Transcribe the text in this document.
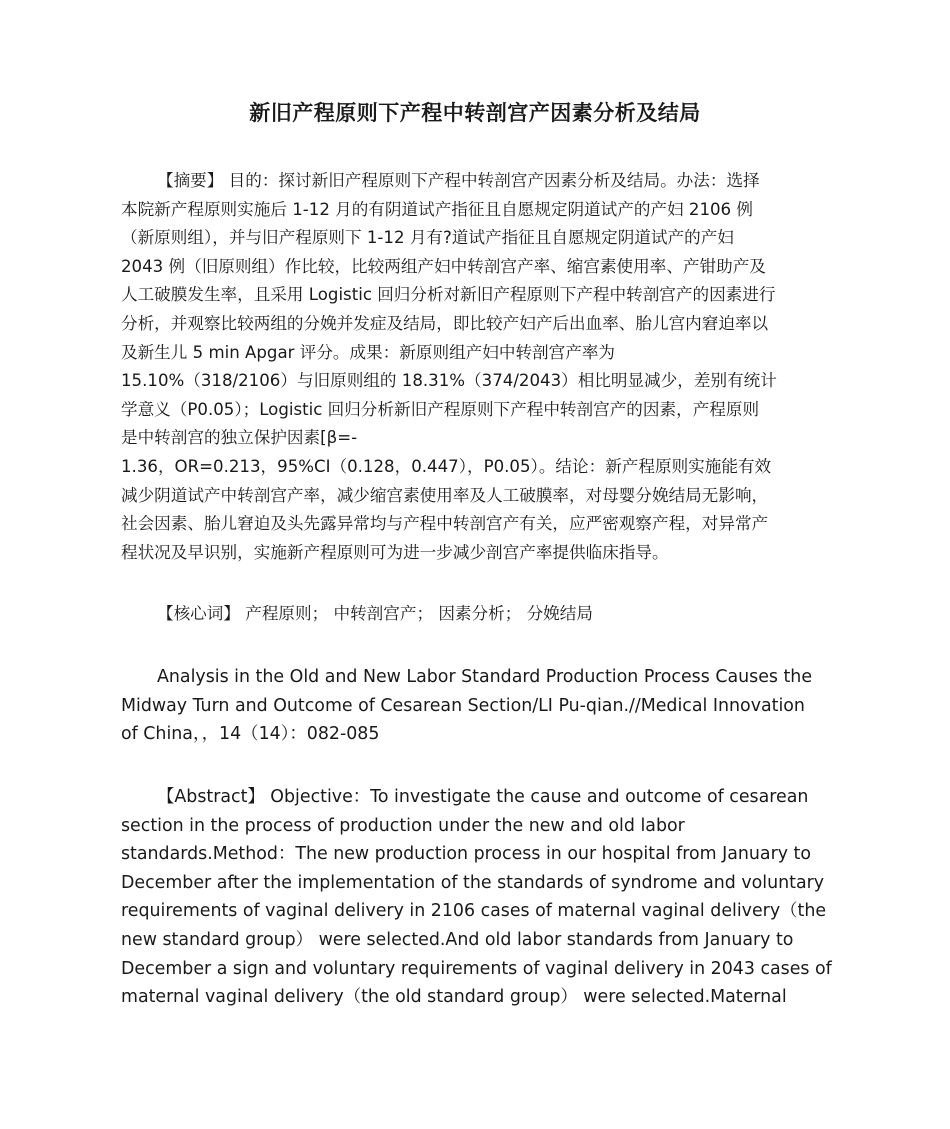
新旧产程原则下产程中转剖宫产因素分析及结局
【摘要】 目的：探讨新旧产程原则下产程中转剖宫产因素分析及结局。办法：选择
本院新产程原则实施后 1-12 月的有阴道试产指征且自愿规定阴道试产的产妇 2106 例
（新原则组），并与旧产程原则下 1-12 月有?道试产指征且自愿规定阴道试产的产妇
2043 例（旧原则组）作比较，比较两组产妇中转剖宫产率、缩宫素使用率、产钳助产及
人工破膜发生率，且采用 Logistic 回归分析对新旧产程原则下产程中转剖宫产的因素进行
分析，并观察比较两组的分娩并发症及结局，即比较产妇产后出血率、胎儿宫内窘迫率以
及新生儿 5 min Apgar 评分。成果：新原则组产妇中转剖宫产率为
15.10%（318/2106）与旧原则组的 18.31%（374/2043）相比明显减少，差别有统计
学意义（P0.05）；Logistic 回归分析新旧产程原则下产程中转剖宫产的因素，产程原则
是中转剖宫的独立保护因素[β=-
1.36，OR=0.213，95%CI（0.128，0.447），P0.05）。结论：新产程原则实施能有效
减少阴道试产中转剖宫产率，减少缩宫素使用率及人工破膜率，对母婴分娩结局无影响，
社会因素、胎儿窘迫及头先露异常均与产程中转剖宫产有关，应严密观察产程，对异常产
程状况及早识别，实施新产程原则可为进一步减少剖宫产率提供临床指导。
【核心词】 产程原则； 中转剖宫产； 因素分析； 分娩结局
Analysis in the Old and New Labor Standard Production Process Causes the
Midway Turn and Outcome of Cesarean Section/LI Pu-qian.//Medical Innovation
of China，，14（14）：082-085
【Abstract】 Objective：To investigate the cause and outcome of cesarean
section in the process of production under the new and old labor
standards.Method：The new production process in our hospital from January to
December after the implementation of the standards of syndrome and voluntary
requirements of vaginal delivery in 2106 cases of maternal vaginal delivery（the
new standard group） were selected.And old labor standards from January to
December a sign and voluntary requirements of vaginal delivery in 2043 cases of
maternal vaginal delivery（the old standard group） were selected.Maternal
